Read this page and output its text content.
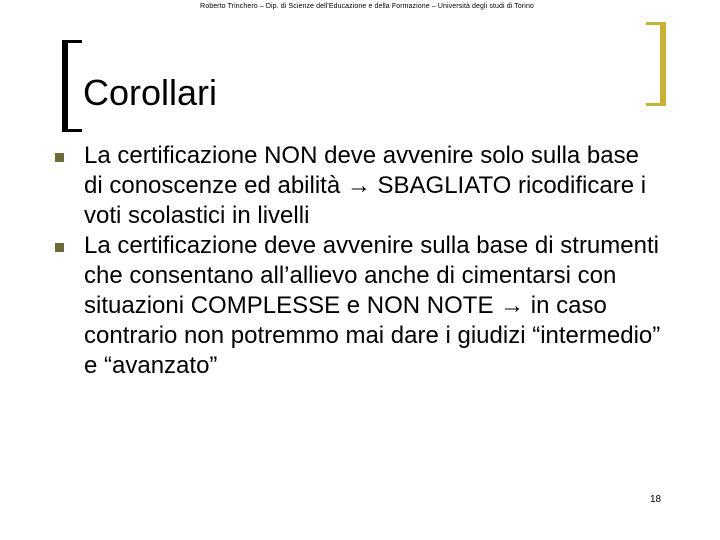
Roberto Trinchero – Dip. di Scienze dell'Educazione e della Formazione – Università degli studi di Torino
Corollari
La certificazione NON deve avvenire solo sulla base di conoscenze ed abilità → SBAGLIATO ricodificare i voti scolastici in livelli
La certificazione deve avvenire sulla base di strumenti che consentano all’allievo anche di cimentarsi con situazioni COMPLESSE e NON NOTE → in caso contrario non potremmo mai dare i giudizi “intermedio” e “avanzato”
18
